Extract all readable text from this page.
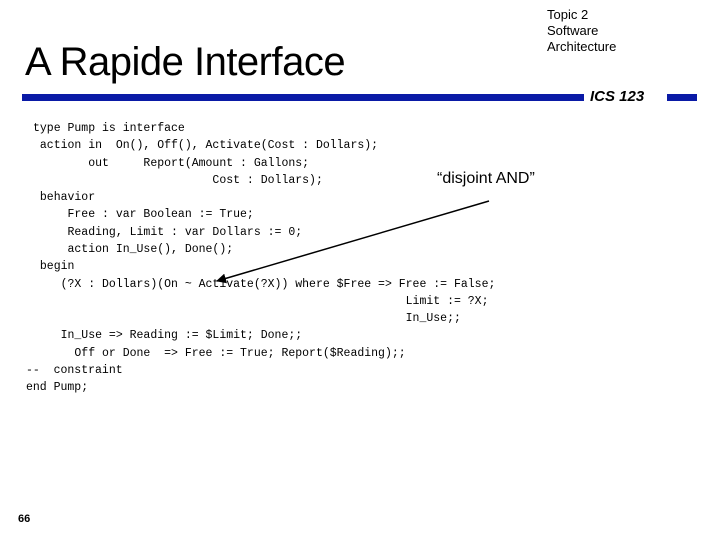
Topic 2
Software
Architecture
A Rapide Interface
ICS 123
type Pump is interface
action in  On(), Off(), Activate(Cost : Dollars);
out     Report(Amount : Gallons;
Cost : Dollars);
behavior
Free : var Boolean := True;
Reading, Limit : var Dollars := 0;
action In_Use(), Done();
begin
(?X : Dollars)(On ~ Activate(?X)) where $Free => Free := False;
Limit := ?X;
In_Use;;
In_Use => Reading := $Limit; Done;;
Off or Done  => Free := True; Report($Reading);;
--  constraint
end Pump;
“disjoint AND”
66
